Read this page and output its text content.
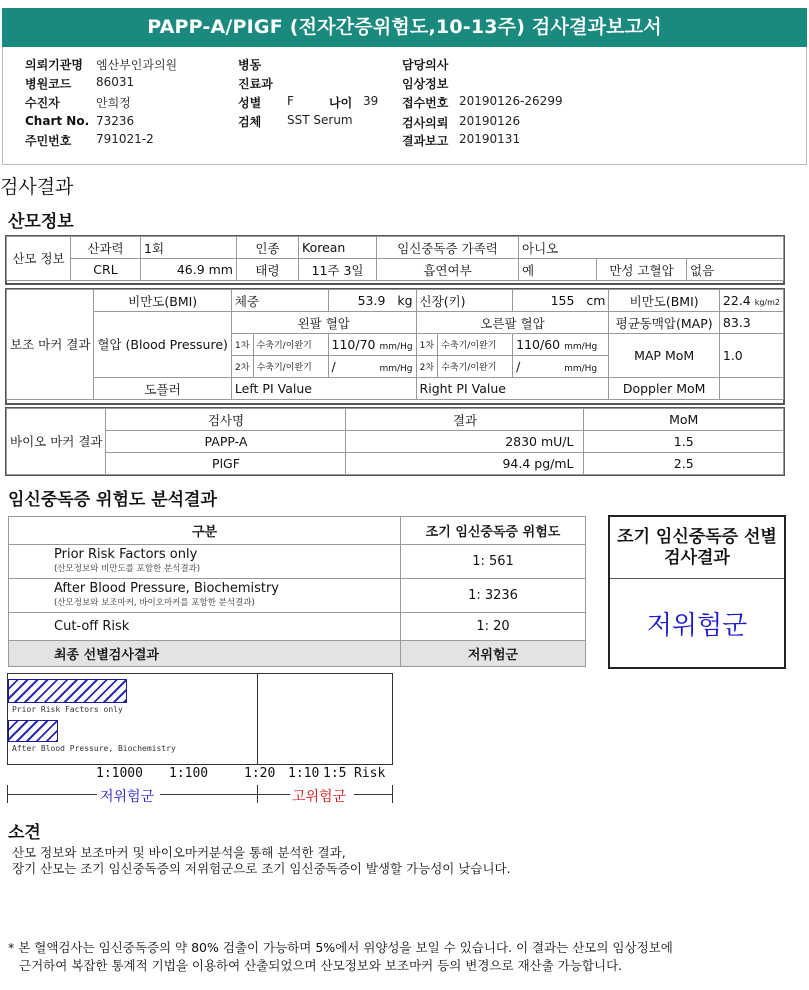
PAPP-A/PIGF (전자간증위험도,10-13주) 검사결과보고서
의뢰기관명 엠산부인과의원
병원코드 86031
수진자	안희정
Chart No. 73236
주민번호 791021-2
병동
진료과
성별 F	나이 39
검체 SST Serum
담당의사
임상정보
접수번호 20190126-26299
검사의뢰 20190126
결과보고 20190131
검사결과
산모정보
산모 정보	산과력	1회	인종	Korean	임신중독증 가족력	아니오		
	CRL	46.9 mm	태령	11주 3일	흡연여부	예	만성 고혈압	없음
보조 마커 결과	비만도(BMI)	체중		53.9 kg	신장(키)		155 cm	비만도(BMI)	22.4 kg/m2
	혈압 (Blood Pressure)	왼팔 혈압			오른팔 혈압			평균동맥압(MAP)	83.3
		1차	수축기/이완기	110/70 mm/Hg	1차	수축기/이완기	110/60 mm/Hg	MAP MoM	1.0
		2차	수축기/이완기	/ mm/Hg	2차	수축기/이완기	/ mm/Hg		
	도플러	Left PI Value			Right PI Value			Doppler MoM	
바이오 마커 결과	검사명	결과	MoM
	PAPP-A	2830 mU/L	1.5
	PlGF	94.4 pg/mL	2.5
임신중독증 위험도 분석결과
구분	조기 임신중독증 위험도

Prior Risk Factors only
(산모정보와 비만도를 포함한 분석결과)	1: 561

After Blood Pressure, Biochemistry
(산모정보와 보조마커, 바이오마커를 포함한 분석결과)	1: 3236
Cut-off Risk	1: 20
최종 선별검사결과	저위험군
조기 임신중독증 선별검사결과
저위험군
Prior Risk Factors only
After Blood Pressure, Biochemistry
1:1000 1:100	1:20 1:10 1:5 Risk
저위험군	고위험군
소견
산모 정보와 보조마커 및 바이오마커분석을 통해 분석한 결과,
장기 산모는 조기 임신중독증의 저위험군으로 조기 임신중독증이 발생할 가능성이 낮습니다.
* 본 혈액검사는 임신중독증의 약 80% 검출이 가능하며 5%에서 위양성을 보일 수 있습니다. 이 결과는 산모의 임상정보에
근거하여 복잡한 통계적 기법을 이용하여 산출되었으며 산모정보와 보조마커 등의 변경으로 재산출 가능합니다.
